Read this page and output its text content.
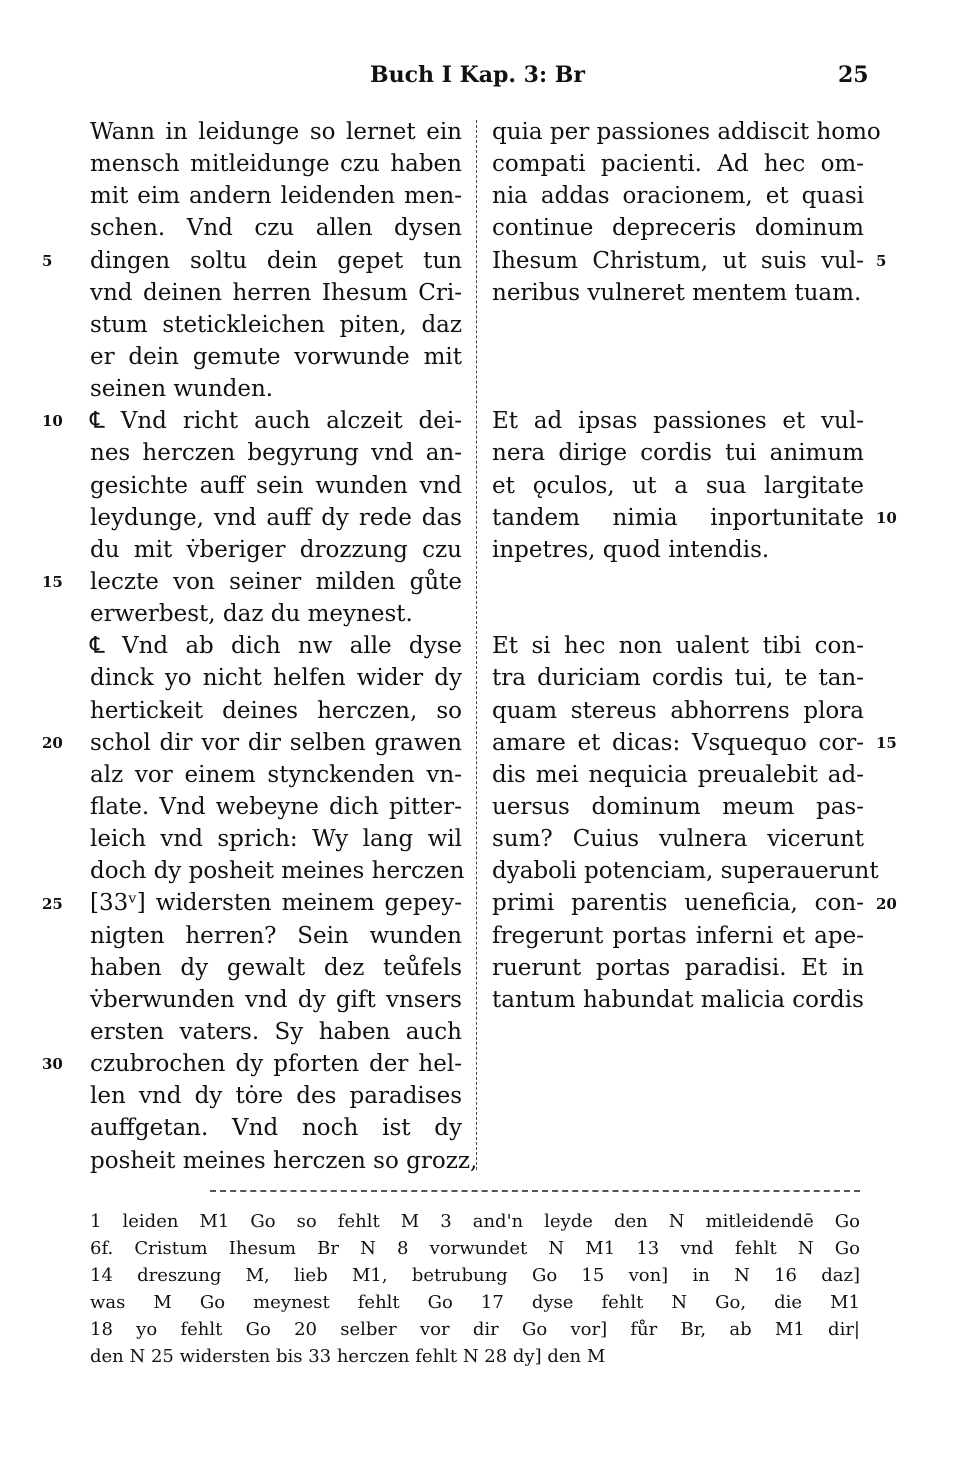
Buch I Kap. 3: Br	25
Wann in leidunge so lernet ein
mensch mitleidunge czu haben
mit eim andern leidenden men-
schen. Vnd czu allen dysen
dingen soltu dein gepet tun
vnd deinen herren Ihesum Cri-
stum stetickleichen piten, daz
er dein gemute vorwunde mit
seinen wunden.
℄ Vnd richt auch alczeit dei-
nes herczen begyrung vnd an-
gesichte auff sein wunden vnd
leydunge, vnd auff dy rede das
du mit v̇beriger drozzung czu
leczte von seiner milden gůte
erwerbest, daz du meynest.
℄ Vnd ab dich nw alle dyse
dinck yo nicht helfen wider dy
hertickeit deines herczen, so
schol dir vor dir selben grawen
alz vor einem stynckenden vn-
flate. Vnd webeyne dich pitter-
leich vnd sprich: Wy lang wil
doch dy posheit meines herczen
[33ᵛ] widersten meinem gepey-
nigten herren? Sein wunden
haben dy gewalt dez teůfels
v̇berwunden vnd dy gift vnsers
ersten vaters. Sy haben auch
czubrochen dy pforten der hel-
len vnd dy tȯre des paradises
auffgetan. Vnd noch ist dy
posheit meines herczen so grozz,
5
10
15
20
25
30
quia per passiones addiscit homo
compati pacienti. Ad hec om-
nia addas oracionem, et quasi
continue depreceris dominum
Ihesum Christum, ut suis vul-
neribus vulneret mentem tuam.
Et ad ipsas passiones et vul-
nera dirige cordis tui animum
et ǫculos, ut a sua largitate
tandem nimia inportunitate
inpetres, quod intendis.
Et si hec non ualent tibi con-
tra duriciam cordis tui, te tan-
quam stereus abhorrens plora
amare et dicas: Vsquequo cor-
dis mei nequicia preualebit ad-
uersus dominum meum pas-
sum? Cuius vulnera vicerunt
dyaboli potenciam, superauerunt
primi parentis ueneficia, con-
fregerunt portas inferni et ape-
ruerunt portas paradisi. Et in
tantum habundat malicia cordis
5
10
15
20
1 leiden M1 Go so fehlt M 3 and'n leyde den N mitleidendē Go
6f. Cristum Ihesum Br N 8 vorwundet N M1 13 vnd fehlt N Go
14 dreszung M, lieb M1, betrubung Go 15 von] in N 16 daz]
was M Go meynest fehlt Go 17 dyse fehlt N Go, die M1
18 yo fehlt Go 20 selber vor dir Go vor] fůr Br, ab M1 dir|
den N 25 widersten bis 33 herczen fehlt N 28 dy] den M
